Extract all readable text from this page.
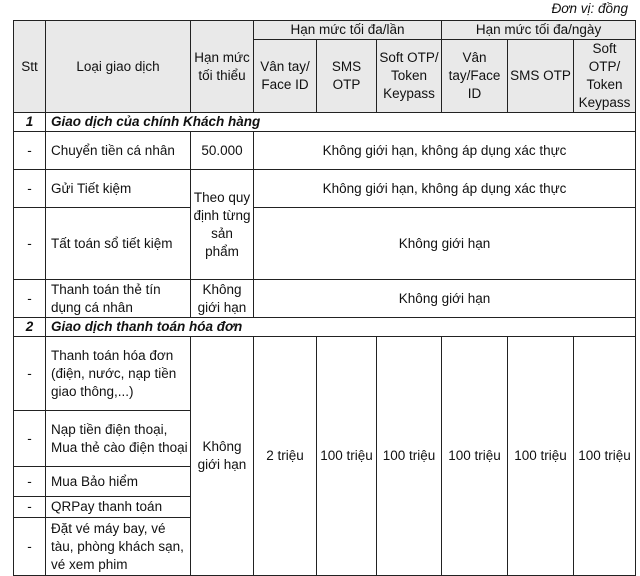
Đơn vị: đồng
Stt	Loại giao dịch	Hạn mức tối thiểu	Hạn mức tối đa/lần			Hạn mức tối đa/ngày		
			Vân tay/ Face ID	SMS OTP	Soft OTP/ Token Keypass	Vân tay/Face ID	SMS OTP	Soft OTP/ Token Keypass
1	Giao dịch của chính Khách hàng							
-	Chuyển tiền cá nhân	50.000	Không giới hạn, không áp dụng xác thực					
-	Gửi Tiết kiệm	Theo quy định từng sản phẩm	Không giới hạn, không áp dụng xác thực					
-	Tất toán sổ tiết kiệm		Không giới hạn					
-	Thanh toán thẻ tín dụng cá nhân	Không giới hạn	Không giới hạn					
2	Giao dịch thanh toán hóa đơn							
-	Thanh toán hóa đơn (điện, nước, nạp tiền giao thông,...)	Không giới hạn	2 triệu	100 triệu	100 triệu	100 triệu	100 triệu	100 triệu
-	Nạp tiền điện thoại, Mua thẻ cào điện thoại							
-	Mua Bảo hiểm							
-	QRPay thanh toán							
-	Đặt vé máy bay, vé tàu, phòng khách sạn, vé xem phim							
